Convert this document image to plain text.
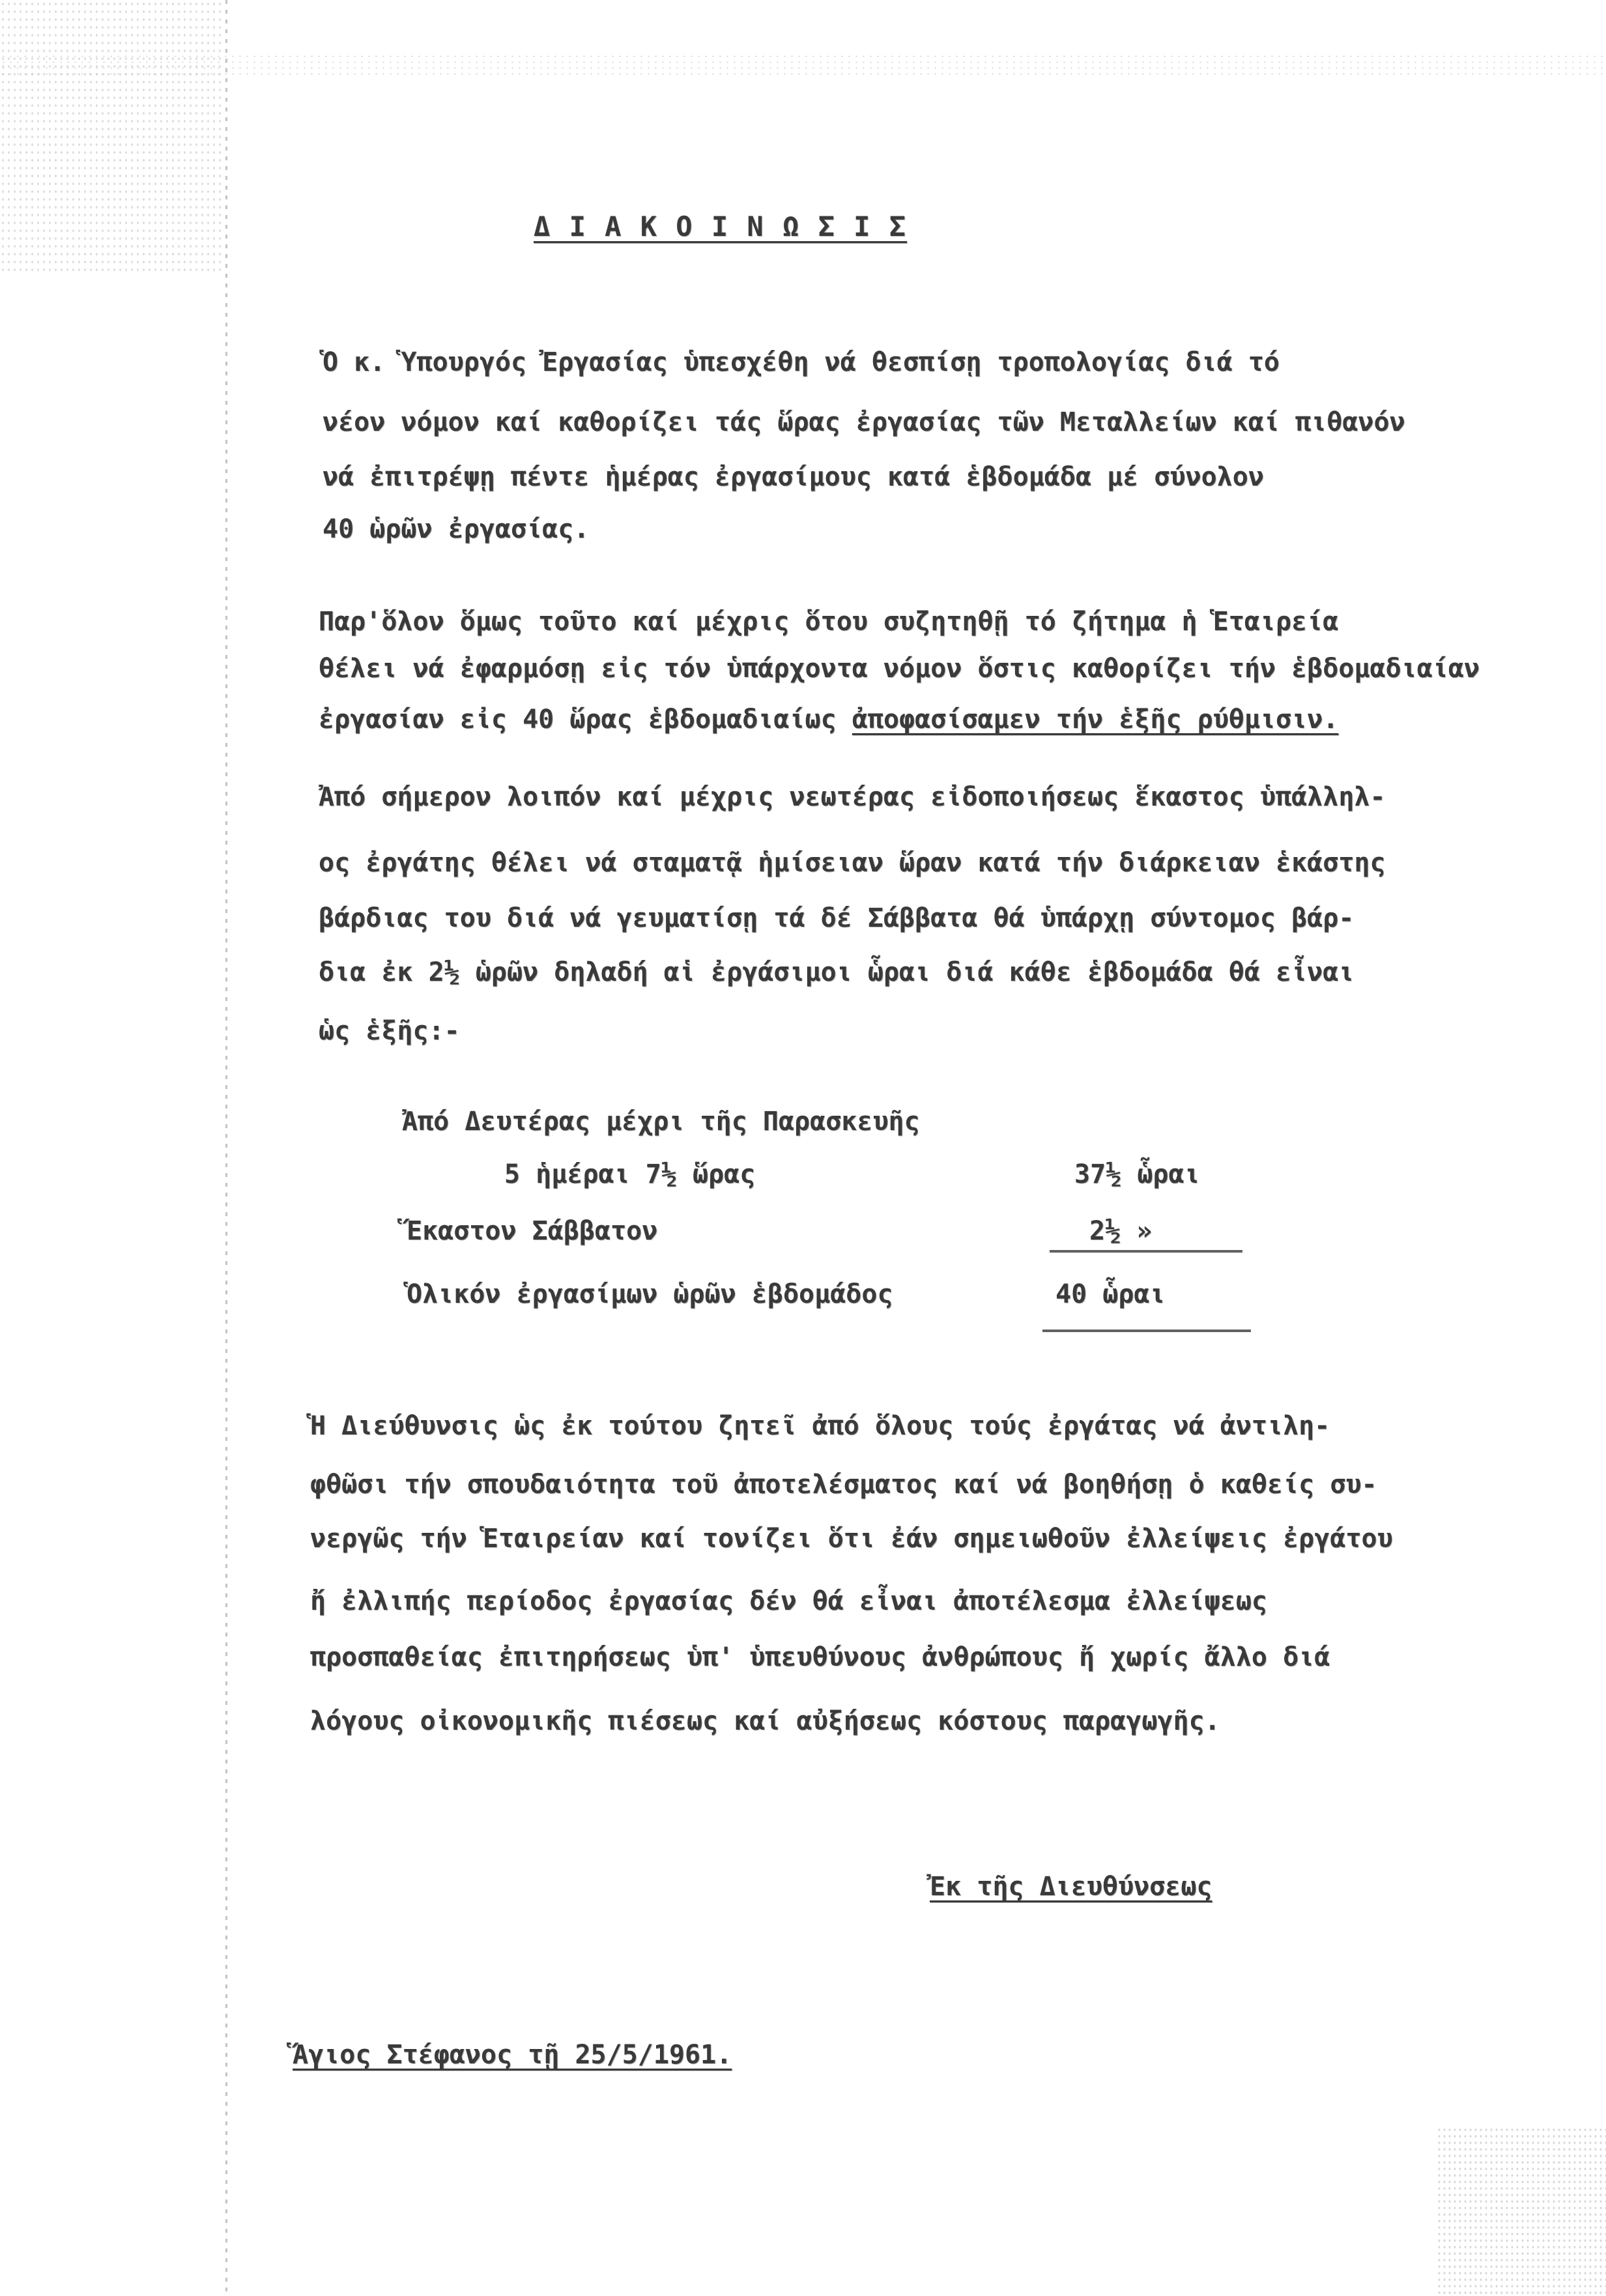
Δ Ι Α Κ Ο Ι Ν Ω Σ Ι Σ
Ὁ κ. Ὑπουργός Ἐργασίας ὑπεσχέθη νά θεσπίσῃ τροπολογίας διά τό
νέον νόμον καί καθορίζει τάς ὥρας ἐργασίας τῶν Μεταλλείων καί πιθανόν
νά ἐπιτρέψῃ πέντε ἡμέρας ἐργασίμους κατά ἑβδομάδα μέ σύνολον
40 ὡρῶν ἐργασίας.
Παρ'ὅλον ὅμως τοῦτο καί μέχρις ὅτου συζητηθῇ τό ζήτημα ἡ Ἑταιρεία
θέλει νά ἐφαρμόσῃ εἰς τόν ὑπάρχοντα νόμον ὅστις καθορίζει τήν ἑβδομαδιαίαν
ἐργασίαν εἰς 40 ὥρας ἑβδομαδιαίως ἀποφασίσαμεν τήν ἑξῆς ρύθμισιν.
Ἀπό σήμερον λοιπόν καί μέχρις νεωτέρας εἰδοποιήσεως ἕκαστος ὑπάλληλ-
ος ἐργάτης θέλει νά σταματᾷ ἡμίσειαν ὥραν κατά τήν διάρκειαν ἑκάστης
βάρδιας του διά νά γευματίσῃ τά δέ Σάββατα θά ὑπάρχῃ σύντομος βάρ-
δια ἐκ 2½ ὡρῶν δηλαδή αἱ ἐργάσιμοι ὧραι διά κάθε ἑβδομάδα θά εἶναι
ὡς ἑξῆς:-
Ἀπό Δευτέρας μέχρι τῆς Παρασκευῆς
5 ἡμέραι 7½ ὥρας	37½ ὧραι
Ἕκαστον Σάββατον	2½ »
Ὁλικόν ἐργασίμων ὡρῶν ἑβδομάδος	40 ὧραι
Ἡ Διεύθυνσις ὡς ἐκ τούτου ζητεῖ ἀπό ὅλους τούς ἐργάτας νά ἀντιλη-
φθῶσι τήν σπουδαιότητα τοῦ ἀποτελέσματος καί νά βοηθήσῃ ὁ καθείς συ-
νεργῶς τήν Ἑταιρείαν καί τονίζει ὅτι ἐάν σημειωθοῦν ἐλλείψεις ἐργάτου
ἤ ἐλλιπής περίοδος ἐργασίας δέν θά εἶναι ἀποτέλεσμα ἐλλείψεως
προσπαθείας ἐπιτηρήσεως ὑπ' ὑπευθύνους ἀνθρώπους ἤ χωρίς ἄλλο διά
λόγους οἰκονομικῆς πιέσεως καί αὐξήσεως κόστους παραγωγῆς.
Ἐκ τῆς Διευθύνσεως
Ἅγιος Στέφανος τῇ 25/5/1961.
